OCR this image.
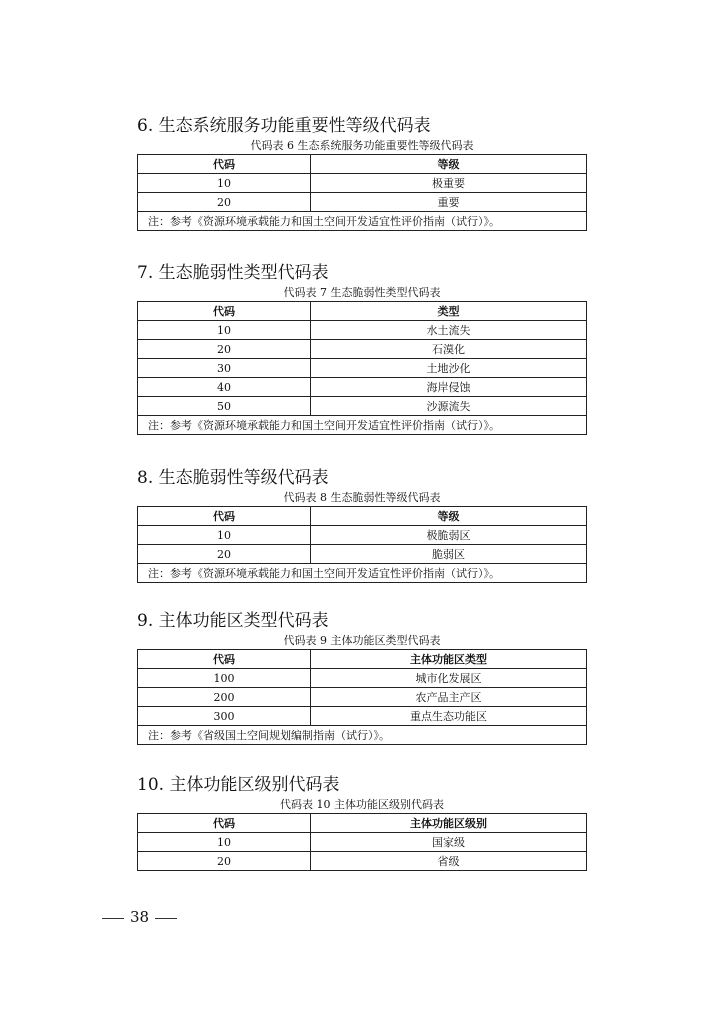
6. 生态系统服务功能重要性等级代码表
代码表 6 生态系统服务功能重要性等级代码表
代码	等级
10	极重要
20	重要
注：参考《资源环境承载能力和国土空间开发适宜性评价指南（试行）》。	
7. 生态脆弱性类型代码表
代码表 7 生态脆弱性类型代码表
代码	类型
10	水土流失
20	石漠化
30	土地沙化
40	海岸侵蚀
50	沙源流失
注：参考《资源环境承载能力和国土空间开发适宜性评价指南（试行）》。	
8. 生态脆弱性等级代码表
代码表 8 生态脆弱性等级代码表
代码	等级
10	极脆弱区
20	脆弱区
注：参考《资源环境承载能力和国土空间开发适宜性评价指南（试行）》。	
9. 主体功能区类型代码表
代码表 9 主体功能区类型代码表
代码	主体功能区类型
100	城市化发展区
200	农产品主产区
300	重点生态功能区
注：参考《省级国土空间规划编制指南（试行）》。	
10. 主体功能区级别代码表
代码表 10 主体功能区级别代码表
代码	主体功能区级别
10	国家级
20	省级
38
